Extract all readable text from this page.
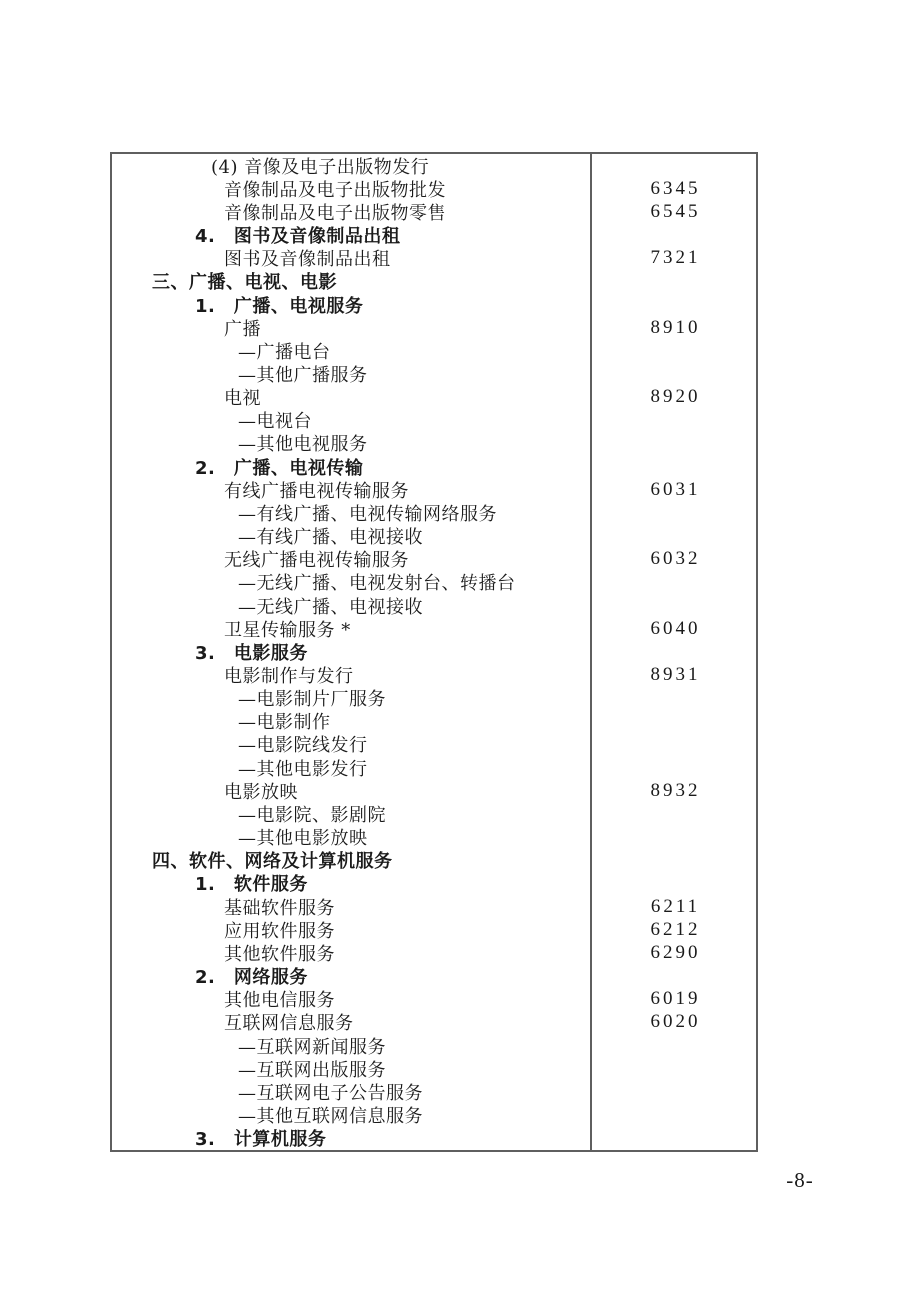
(4) 音像及电子出版物发行
音像制品及电子出版物批发	6345
音像制品及电子出版物零售	6545
4. 图书及音像制品出租
图书及音像制品出租	7321
三、广播、电视、电影
1. 广播、电视服务
广播	8910
—广播电台
—其他广播服务
电视	8920
—电视台
—其他电视服务
2. 广播、电视传输
有线广播电视传输服务	6031
—有线广播、电视传输网络服务
—有线广播、电视接收
无线广播电视传输服务	6032
—无线广播、电视发射台、转播台
—无线广播、电视接收
卫星传输服务 *	6040
3. 电影服务
电影制作与发行	8931
—电影制片厂服务
—电影制作
—电影院线发行
—其他电影发行
电影放映	8932
—电影院、影剧院
—其他电影放映
四、软件、网络及计算机服务
1. 软件服务
基础软件服务	6211
应用软件服务	6212
其他软件服务	6290
2. 网络服务
其他电信服务	6019
互联网信息服务	6020
—互联网新闻服务
—互联网出版服务
—互联网电子公告服务
—其他互联网信息服务
3. 计算机服务
-8-
